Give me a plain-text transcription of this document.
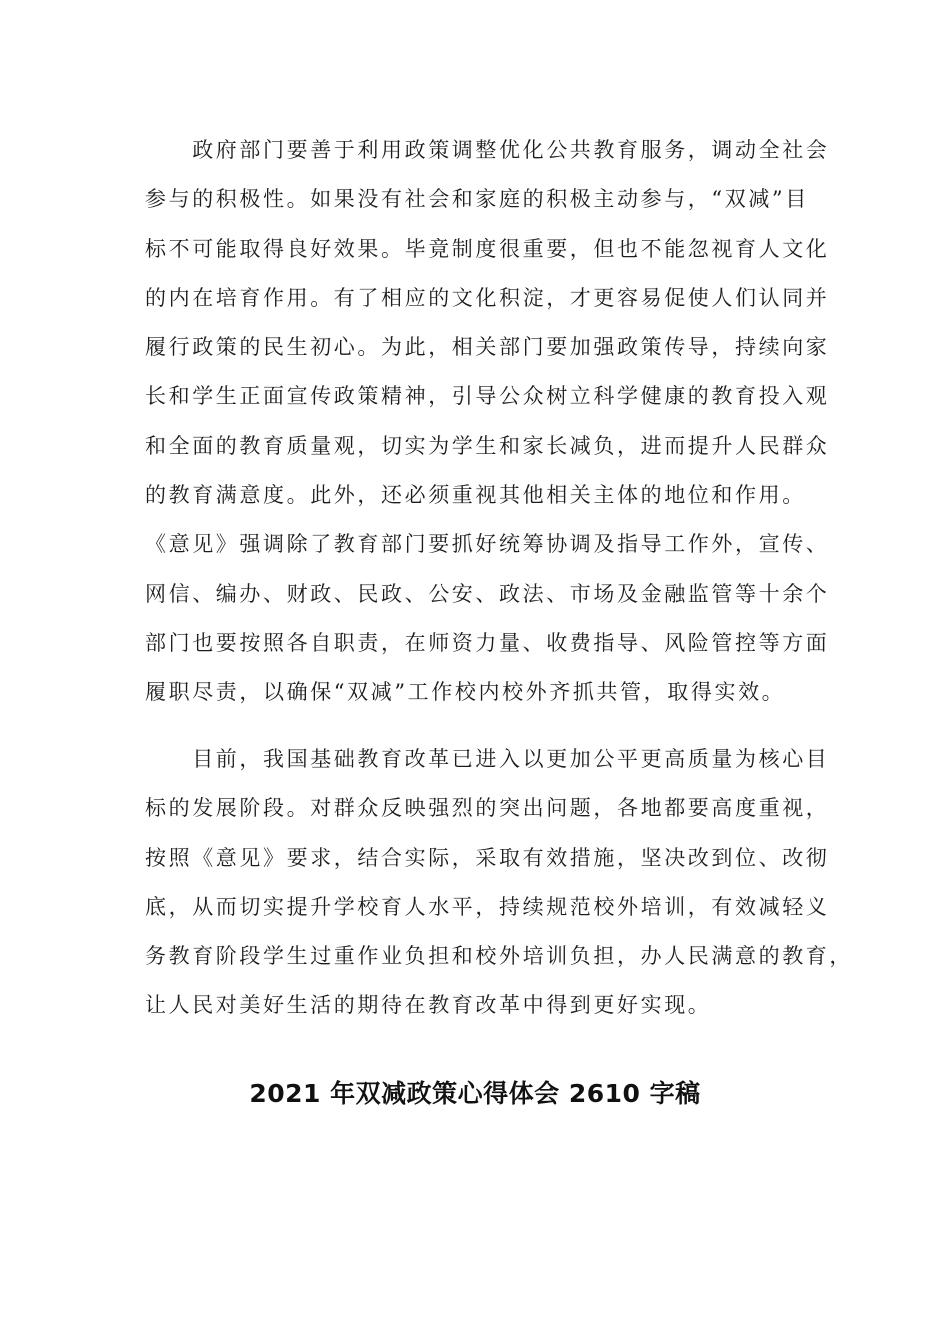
　　政府部门要善于利用政策调整优化公共教育服务，调动全社会
参与的积极性。如果没有社会和家庭的积极主动参与，“双减”目
标不可能取得良好效果。毕竟制度很重要，但也不能忽视育人文化
的内在培育作用。有了相应的文化积淀，才更容易促使人们认同并
履行政策的民生初心。为此，相关部门要加强政策传导，持续向家
长和学生正面宣传政策精神，引导公众树立科学健康的教育投入观
和全面的教育质量观，切实为学生和家长减负，进而提升人民群众
的教育满意度。此外，还必须重视其他相关主体的地位和作用。
《意见》强调除了教育部门要抓好统筹协调及指导工作外，宣传、
网信、编办、财政、民政、公安、政法、市场及金融监管等十余个
部门也要按照各自职责，在师资力量、收费指导、风险管控等方面
履职尽责，以确保“双减”工作校内校外齐抓共管，取得实效。
　　目前，我国基础教育改革已进入以更加公平更高质量为核心目
标的发展阶段。对群众反映强烈的突出问题，各地都要高度重视，
按照《意见》要求，结合实际，采取有效措施，坚决改到位、改彻
底，从而切实提升学校育人水平，持续规范校外培训，有效减轻义
务教育阶段学生过重作业负担和校外培训负担，办人民满意的教育，
让人民对美好生活的期待在教育改革中得到更好实现。
2021 年双减政策心得体会 2610 字稿
